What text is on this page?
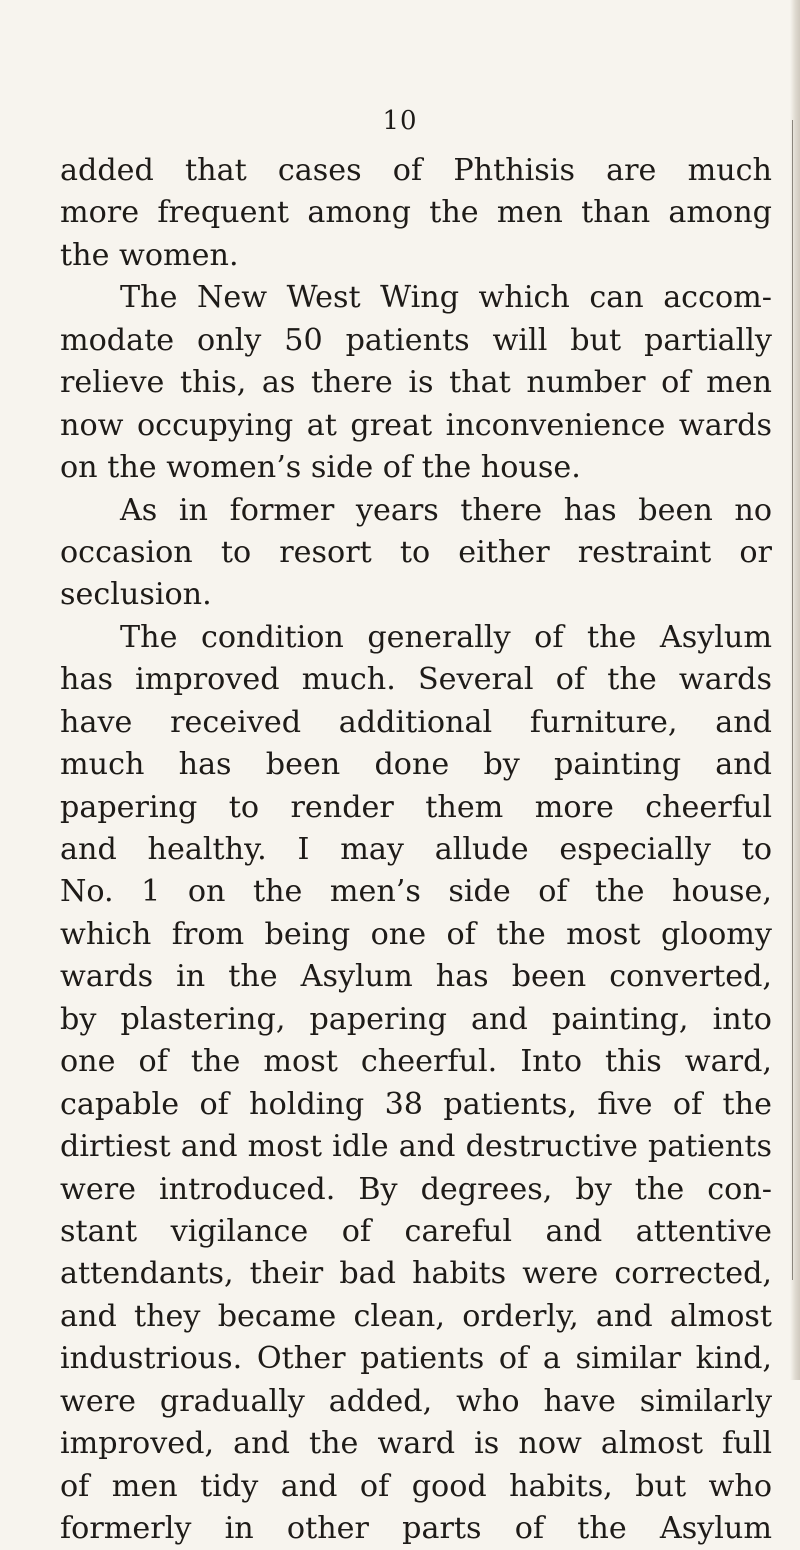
10
added that cases of Phthisis are much
more frequent among the men than among
the women.
The New West Wing which can accom-
modate only 50 patients will but partially
relieve this, as there is that number of men
now occupying at great inconvenience wards
on the women’s side of the house.
As in former years there has been no
occasion to resort to either restraint or
seclusion.
The condition generally of the Asylum
has improved much. Several of the wards
have received additional furniture, and
much has been done by painting and
papering to render them more cheerful
and healthy. I may allude especially to
No. 1 on the men’s side of the house,
which from being one of the most gloomy
wards in the Asylum has been converted,
by plastering, papering and painting, into
one of the most cheerful. Into this ward,
capable of holding 38 patients, five of the
dirtiest and most idle and destructive patients
were introduced. By degrees, by the con-
stant vigilance of careful and attentive
attendants, their bad habits were corrected,
and they became clean, orderly, and almost
industrious. Other patients of a similar kind,
were gradually added, who have similarly
improved, and the ward is now almost full
of men tidy and of good habits, but who
formerly in other parts of the Asylum
